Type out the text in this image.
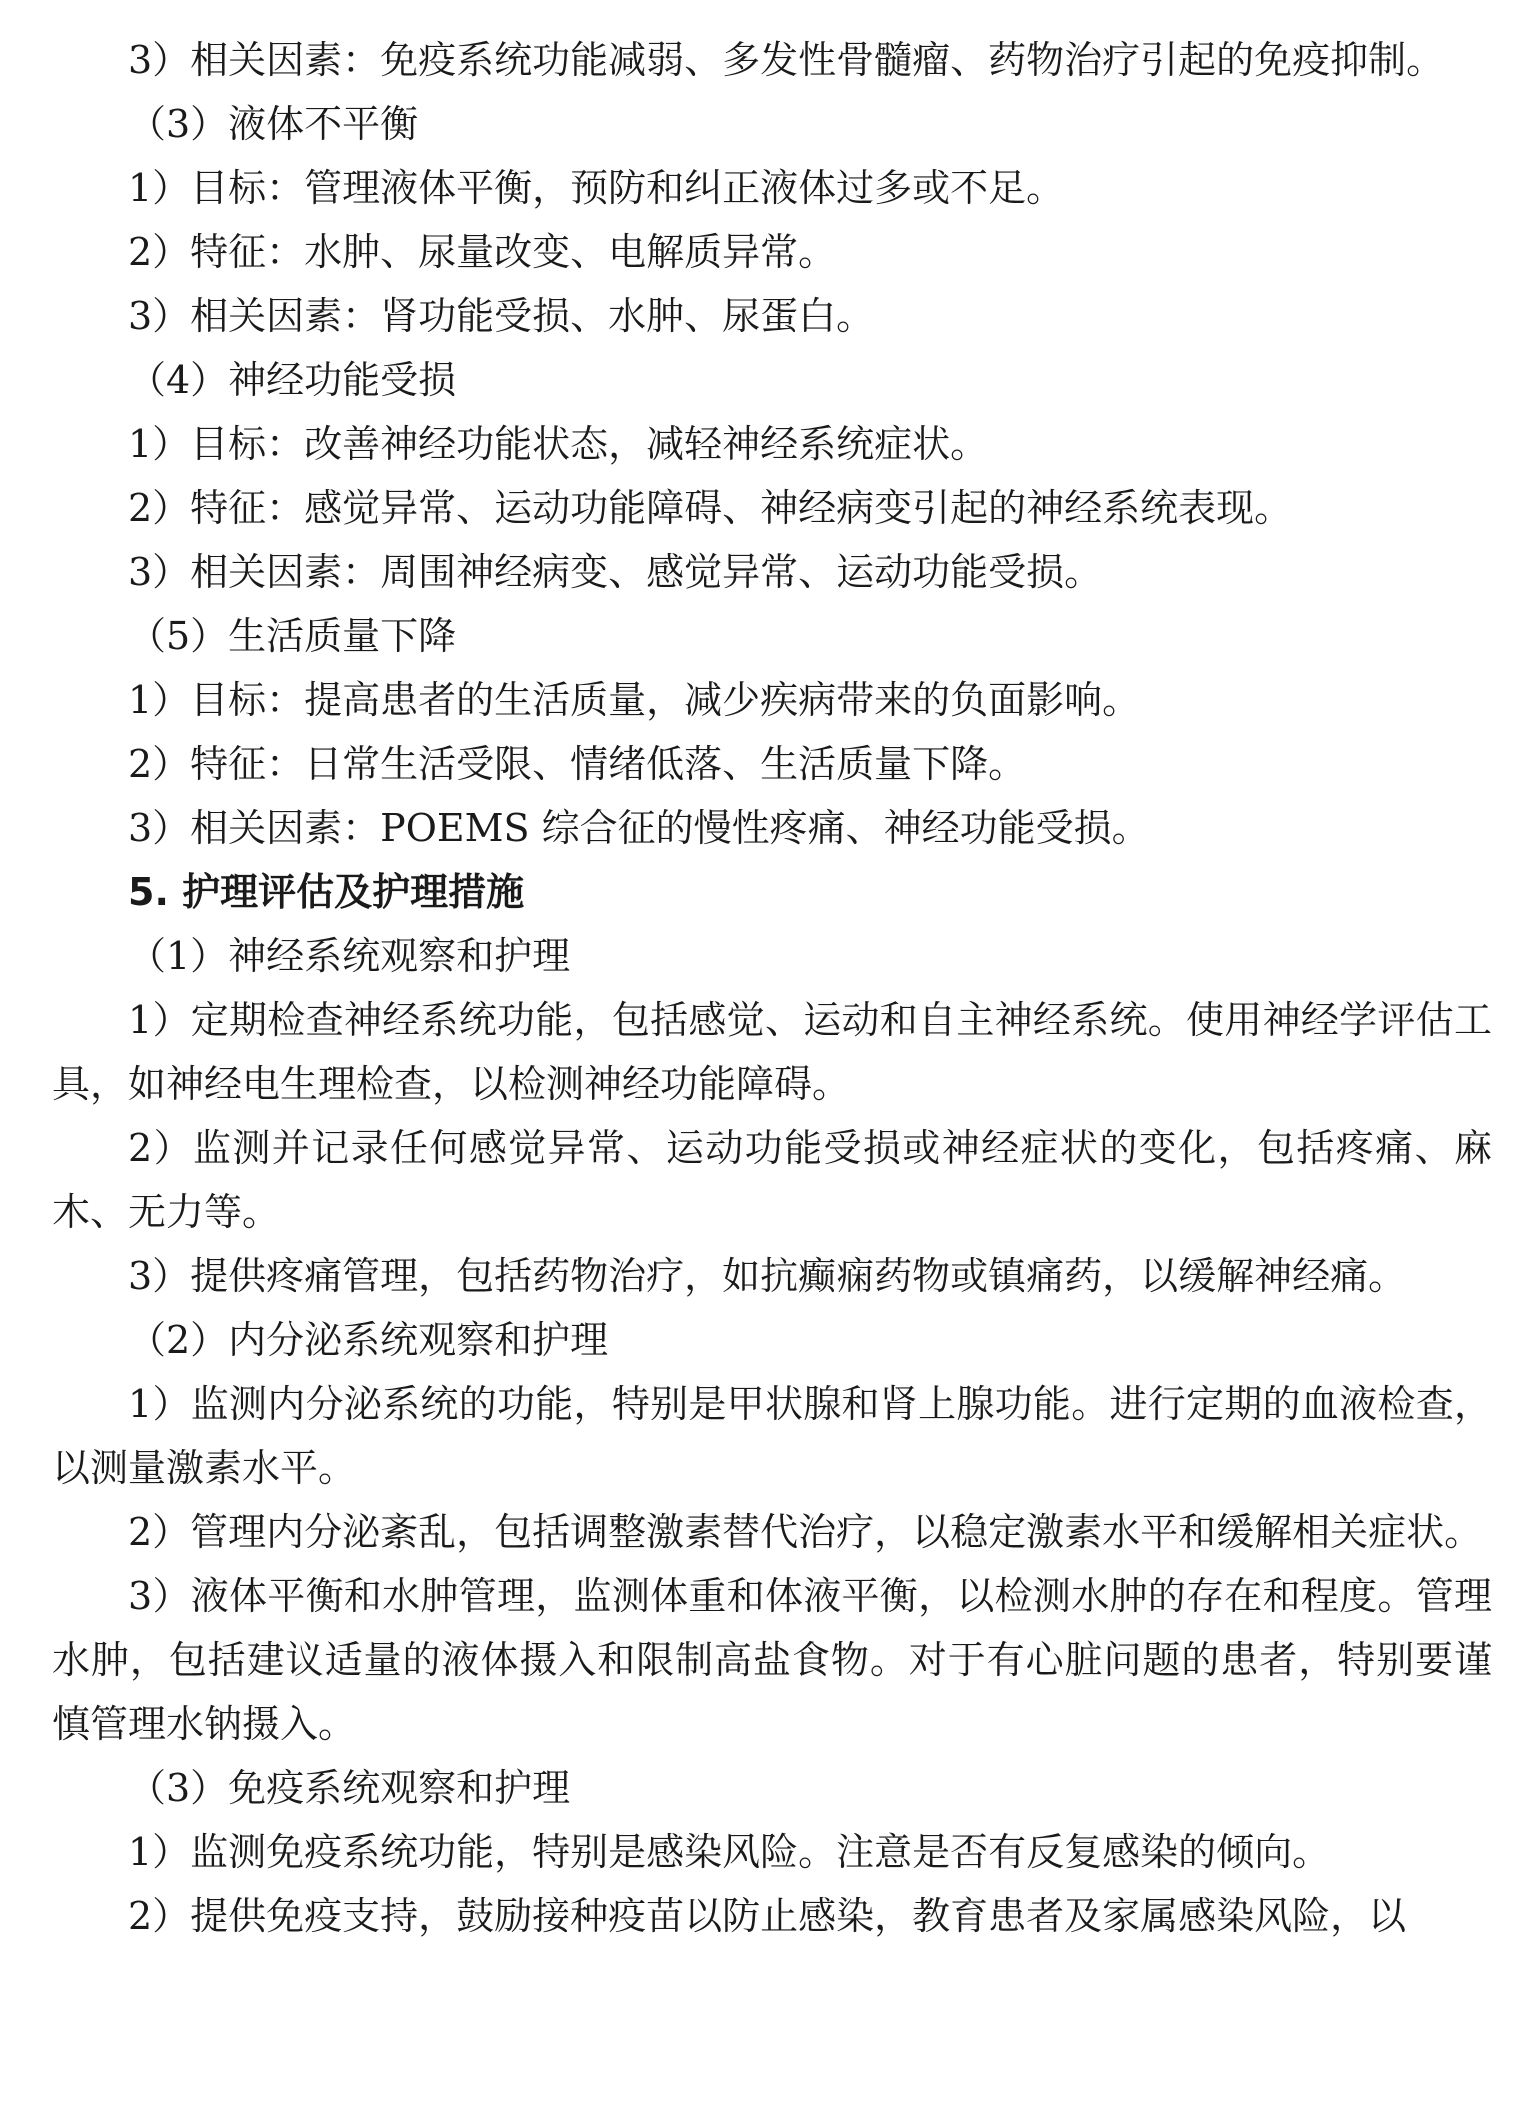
3）相关因素：免疫系统功能减弱、多发性骨髓瘤、药物治疗引起的免疫抑制。

（3）液体不平衡

1）目标：管理液体平衡，预防和纠正液体过多或不足。

2）特征：水肿、尿量改变、电解质异常。

3）相关因素：肾功能受损、水肿、尿蛋白。

（4）神经功能受损

1）目标：改善神经功能状态，减轻神经系统症状。

2）特征：感觉异常、运动功能障碍、神经病变引起的神经系统表现。

3）相关因素：周围神经病变、感觉异常、运动功能受损。

（5）生活质量下降

1）目标：提高患者的生活质量，减少疾病带来的负面影响。

2）特征：日常生活受限、情绪低落、生活质量下降。

3）相关因素：POEMS 综合征的慢性疼痛、神经功能受损。

5. 护理评估及护理措施

（1）神经系统观察和护理

1）定期检查神经系统功能，包括感觉、运动和自主神经系统。使用神经学评估工具，如神经电生理检查，以检测神经功能障碍。

2）监测并记录任何感觉异常、运动功能受损或神经症状的变化，包括疼痛、麻木、无力等。

3）提供疼痛管理，包括药物治疗，如抗癫痫药物或镇痛药，以缓解神经痛。

（2）内分泌系统观察和护理

1）监测内分泌系统的功能，特别是甲状腺和肾上腺功能。进行定期的血液检查，以测量激素水平。

2）管理内分泌紊乱，包括调整激素替代治疗，以稳定激素水平和缓解相关症状。

3）液体平衡和水肿管理，监测体重和体液平衡，以检测水肿的存在和程度。管理水肿，包括建议适量的液体摄入和限制高盐食物。对于有心脏问题的患者，特别要谨慎管理水钠摄入。

（3）免疫系统观察和护理

1）监测免疫系统功能，特别是感染风险。注意是否有反复感染的倾向。

2）提供免疫支持，鼓励接种疫苗以防止感染，教育患者及家属感染风险，以
